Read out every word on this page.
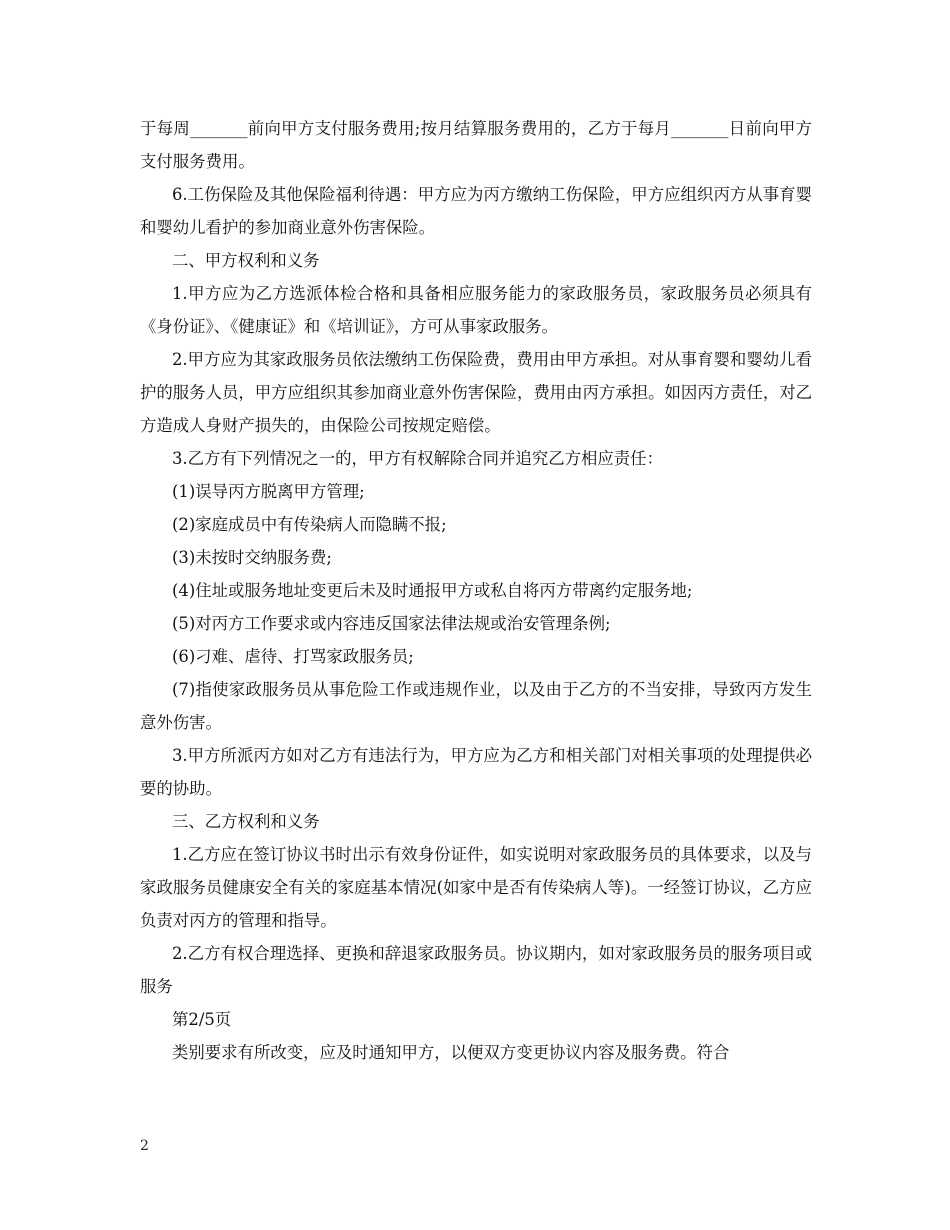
于每周_______前向甲方支付服务费用;按月结算服务费用的，乙方于每月_______日前向甲方支付服务费用。

6.工伤保险及其他保险福利待遇：甲方应为丙方缴纳工伤保险，甲方应组织丙方从事育婴和婴幼儿看护的参加商业意外伤害保险。

二、甲方权利和义务

1.甲方应为乙方选派体检合格和具备相应服务能力的家政服务员，家政服务员必须具有《身份证》、《健康证》和《培训证》，方可从事家政服务。

2.甲方应为其家政服务员依法缴纳工伤保险费，费用由甲方承担。对从事育婴和婴幼儿看护的服务人员，甲方应组织其参加商业意外伤害保险，费用由丙方承担。如因丙方责任，对乙方造成人身财产损失的，由保险公司按规定赔偿。

3.乙方有下列情况之一的，甲方有权解除合同并追究乙方相应责任：

(1)误导丙方脱离甲方管理;

(2)家庭成员中有传染病人而隐瞒不报;

(3)未按时交纳服务费;

(4)住址或服务地址变更后未及时通报甲方或私自将丙方带离约定服务地;

(5)对丙方工作要求或内容违反国家法律法规或治安管理条例;

(6)刁难、虐待、打骂家政服务员;

(7)指使家政服务员从事危险工作或违规作业，以及由于乙方的不当安排，导致丙方发生意外伤害。

3.甲方所派丙方如对乙方有违法行为，甲方应为乙方和相关部门对相关事项的处理提供必要的协助。

三、乙方权利和义务

1.乙方应在签订协议书时出示有效身份证件，如实说明对家政服务员的具体要求，以及与家政服务员健康安全有关的家庭基本情况(如家中是否有传染病人等)。一经签订协议，乙方应负责对丙方的管理和指导。

2.乙方有权合理选择、更换和辞退家政服务员。协议期内，如对家政服务员的服务项目或服务

第2/5页

类别要求有所改变，应及时通知甲方，以便双方变更协议内容及服务费。符合

2
